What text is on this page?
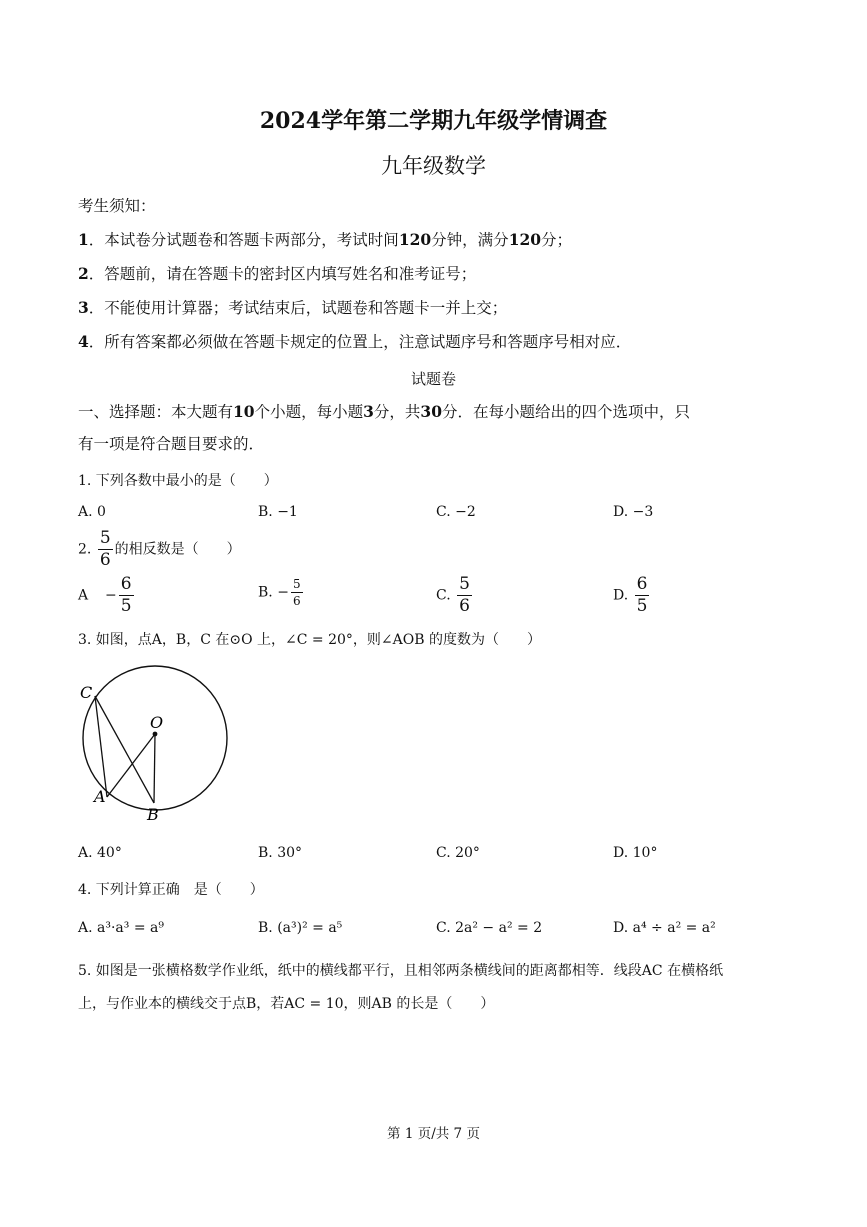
2024学年第二学期九年级学情调查
九年级数学
考生须知：
1．本试卷分试题卷和答题卡两部分，考试时间120分钟，满分120分；
2．答题前，请在答题卡的密封区内填写姓名和准考证号；
3．不能使用计算器；考试结束后，试题卷和答题卡一并上交；
4．所有答案都必须做在答题卡规定的位置上，注意试题序号和答题序号相对应．
试题卷
一、选择题：本大题有10个小题，每小题3分，共30分．在每小题给出的四个选项中，只
有一项是符合题目要求的．
1. 下列各数中最小的是（　　）
A. 0	B. −1	C. −2	D. −3
2. $\frac{5}{6}$ 的相反数是（　　）
$A - \frac{6}{5}$	B. − $\frac{5}{6}$	C. $\frac{5}{6}$	D. $\frac{6}{5}$
3. 如图，点A，B，C 在⊙O 上，∠C = 20°，则∠AOB 的度数为（　　）
C
O
A
B
A. 40°	B. 30°	C. 20°	D. 10°
4. 下列计算正确　是（　　）
A. a³·a³ = a⁹	B. (a³)² = a⁵	C. 2a² − a² = 2	D. a⁴ ÷ a² = a²
5. 如图是一张横格数学作业纸，纸中的横线都平行，且相邻两条横线间的距离都相等．线段AC 在横格纸
上，与作业本的横线交于点B，若AC = 10，则AB 的长是（　　）
第 1 页/共 7 页
